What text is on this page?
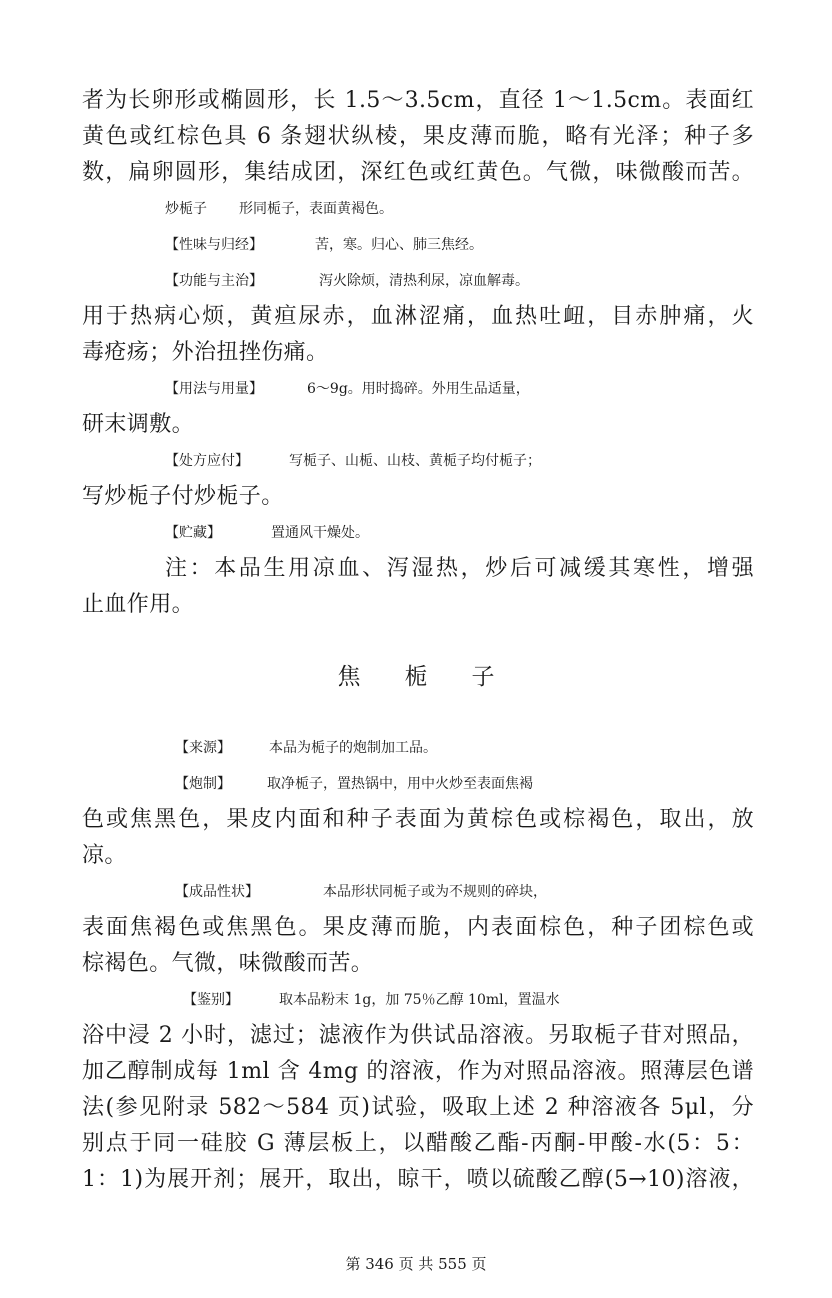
者为长卵形或椭圆形，长 1.5～3.5cm，直径 1～1.5cm。表面红
黄色或红棕色具 6 条翅状纵棱，果皮薄而脆，略有光泽；种子多
数，扁卵圆形，集结成团，深红色或红黄色。气微，味微酸而苦。
炒栀子 形同栀子，表面黄褐色。
【性味与归经】	苦，寒。归心、肺三焦经。
【功能与主治】	泻火除烦，清热利尿，凉血解毒。
用于热病心烦，黄疸尿赤，血淋涩痛，血热吐衄，目赤肿痛，火
毒疮疡；外治扭挫伤痛。
【用法与用量】	6～9g。用时捣碎。外用生品适量，
研末调敷。
【处方应付】	写栀子、山栀、山枝、黄栀子均付栀子；
写炒栀子付炒栀子。
【贮藏】	置通风干燥处。
注：本品生用凉血、泻湿热，炒后可减缓其寒性，增强
止血作用。
焦 栀 子
【来源】	本品为栀子的炮制加工品。
【炮制】	取净栀子，置热锅中，用中火炒至表面焦褐
色或焦黑色，果皮内面和种子表面为黄棕色或棕褐色，取出，放
凉。
【成品性状】	本品形状同栀子或为不规则的碎块，
表面焦褐色或焦黑色。果皮薄而脆，内表面棕色，种子团棕色或
棕褐色。气微，味微酸而苦。
【鉴别】	取本品粉末 1g，加 75％乙醇 10ml，置温水
浴中浸 2 小时，滤过；滤液作为供试品溶液。另取栀子苷对照品，
加乙醇制成每 1ml 含 4mg 的溶液，作为对照品溶液。照薄层色谱
法(参见附录 582～584 页)试验，吸取上述 2 种溶液各 5μl，分
别点于同一硅胶 G 薄层板上，以醋酸乙酯-丙酮-甲酸-水(5：5：
1：1)为展开剂；展开，取出，晾干，喷以硫酸乙醇(5→10)溶液，
第 346 页 共 555 页
